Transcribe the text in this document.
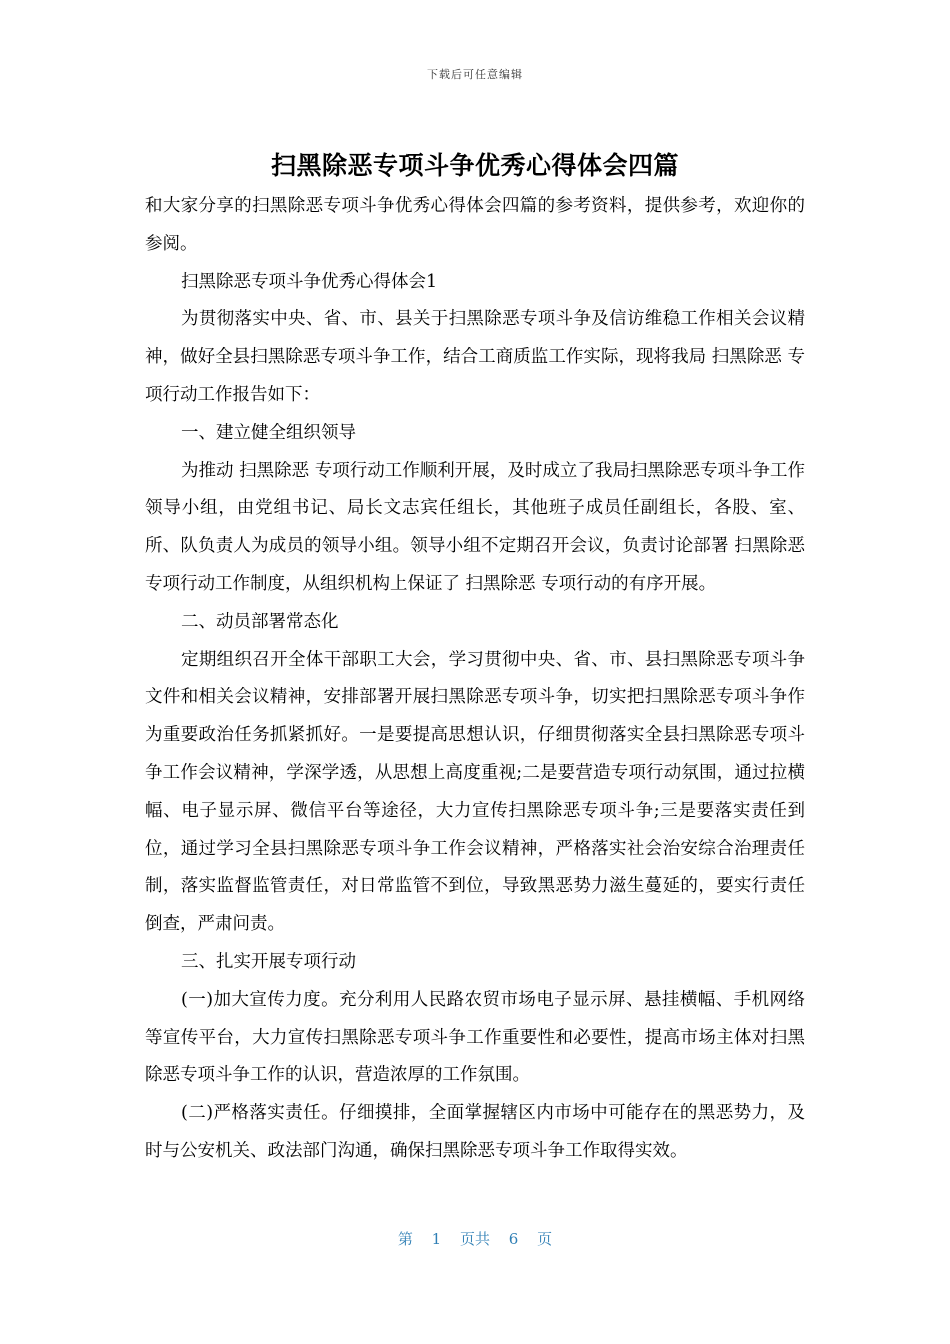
下载后可任意编辑
扫黑除恶专项斗争优秀心得体会四篇

和大家分享的扫黑除恶专项斗争优秀心得体会四篇的参考资料，提供参考，欢迎你的参阅。

扫黑除恶专项斗争优秀心得体会1

为贯彻落实中央、省、市、县关于扫黑除恶专项斗争及信访维稳工作相关会议精神，做好全县扫黑除恶专项斗争工作，结合工商质监工作实际，现将我局 扫黑除恶 专项行动工作报告如下：

一、建立健全组织领导

为推动 扫黑除恶 专项行动工作顺利开展，及时成立了我局扫黑除恶专项斗争工作领导小组，由党组书记、局长文志宾任组长，其他班子成员任副组长，各股、室、所、队负责人为成员的领导小组。领导小组不定期召开会议，负责讨论部署 扫黑除恶 专项行动工作制度，从组织机构上保证了 扫黑除恶 专项行动的有序开展。

二、动员部署常态化

定期组织召开全体干部职工大会，学习贯彻中央、省、市、县扫黑除恶专项斗争文件和相关会议精神，安排部署开展扫黑除恶专项斗争，切实把扫黑除恶专项斗争作为重要政治任务抓紧抓好。一是要提高思想认识，仔细贯彻落实全县扫黑除恶专项斗争工作会议精神，学深学透，从思想上高度重视;二是要营造专项行动氛围，通过拉横幅、电子显示屏、微信平台等途径，大力宣传扫黑除恶专项斗争;三是要落实责任到位，通过学习全县扫黑除恶专项斗争工作会议精神，严格落实社会治安综合治理责任制，落实监督监管责任，对日常监管不到位，导致黑恶势力滋生蔓延的，要实行责任倒查，严肃问责。

三、扎实开展专项行动

(一)加大宣传力度。充分利用人民路农贸市场电子显示屏、悬挂横幅、手机网络等宣传平台，大力宣传扫黑除恶专项斗争工作重要性和必要性，提高市场主体对扫黑除恶专项斗争工作的认识，营造浓厚的工作氛围。

(二)严格落实责任。仔细摸排，全面掌握辖区内市场中可能存在的黑恶势力，及时与公安机关、政法部门沟通，确保扫黑除恶专项斗争工作取得实效。

第 1 页共 6 页
